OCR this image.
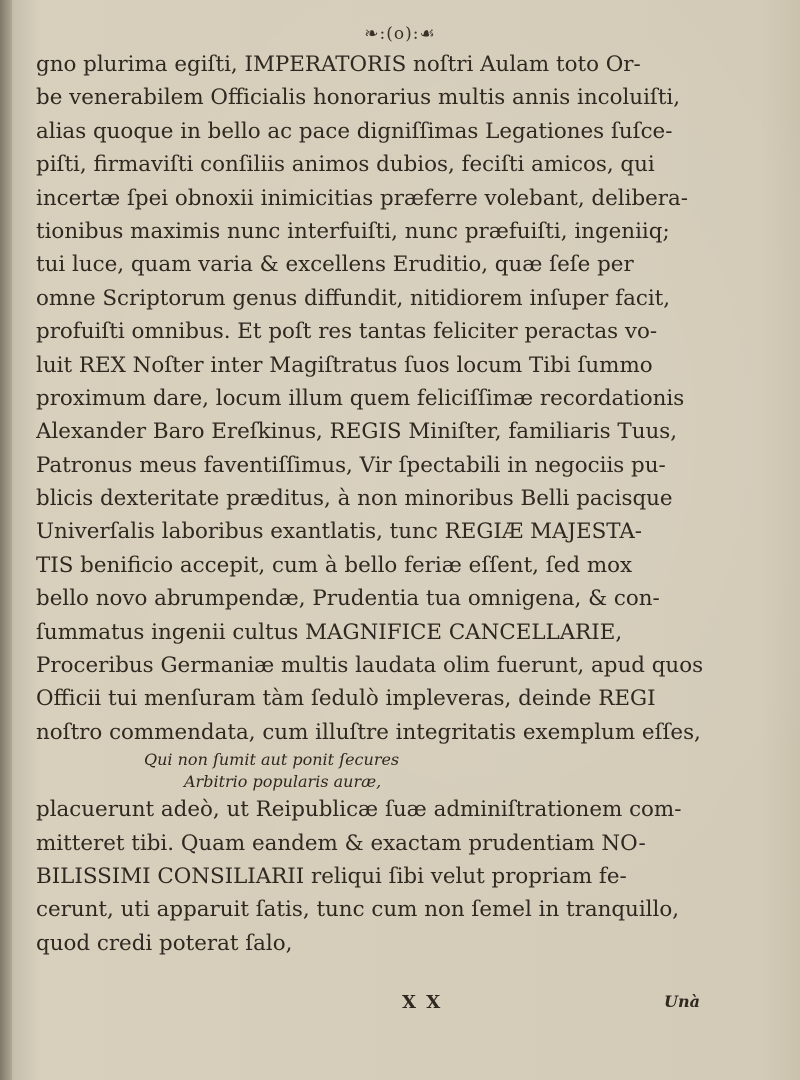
❧:(o):☙
gno plurima egiſti, IMPERATORIS noſtri Aulam toto Or-
be venerabilem Officialis honorarius multis annis incoluiſti,
alias quoque in bello ac pace digniſſimas Legationes ſuſce-
piſti, firmaviſti conſiliis animos dubios, feciſti amicos, qui
incertæ ſpei obnoxii inimicitias præferre volebant, delibera-
tionibus maximis nunc interfuiſti, nunc præfuiſti, ingeniiq;
tui luce, quam varia & excellens Eruditio, quæ ſeſe per
omne Scriptorum genus diffundit, nitidiorem inſuper facit,
profuiſti omnibus. Et poſt res tantas feliciter peractas vo-
luit REX Noſter inter Magiſtratus ſuos locum Tibi ſummo
proximum dare, locum illum quem feliciſſimæ recordationis
Alexander Baro Ereſkinus, REGIS Miniſter, familiaris Tuus,
Patronus meus faventiſſimus, Vir ſpectabili in negociis pu-
blicis dexteritate præditus, à non minoribus Belli pacisque
Univerſalis laboribus exantlatis, tunc REGIÆ MAJESTA-
TIS benificio accepit, cum à bello feriæ eſſent, ſed mox
bello novo abrumpendæ, Prudentia tua omnigena, & con-
ſummatus ingenii cultus MAGNIFICE CANCELLARIE,
Proceribus Germaniæ multis laudata olim fuerunt, apud quos
Officii tui menſuram tàm ſedulò impleveras, deinde REGI
noſtro commendata, cum illuſtre integritatis exemplum eſſes,
Qui non ſumit aut ponit ſecures
Arbitrio popularis auræ,
placuerunt adeò, ut Reipublicæ ſuæ adminiſtrationem com-
mitteret tibi. Quam eandem & exactam prudentiam NO-
BILISSIMI CONSILIARII reliqui ſibi velut propriam fe-
cerunt, uti apparuit ſatis, tunc cum non ſemel in tranquillo,
quod credi poterat ſalo,
X X	Unà
